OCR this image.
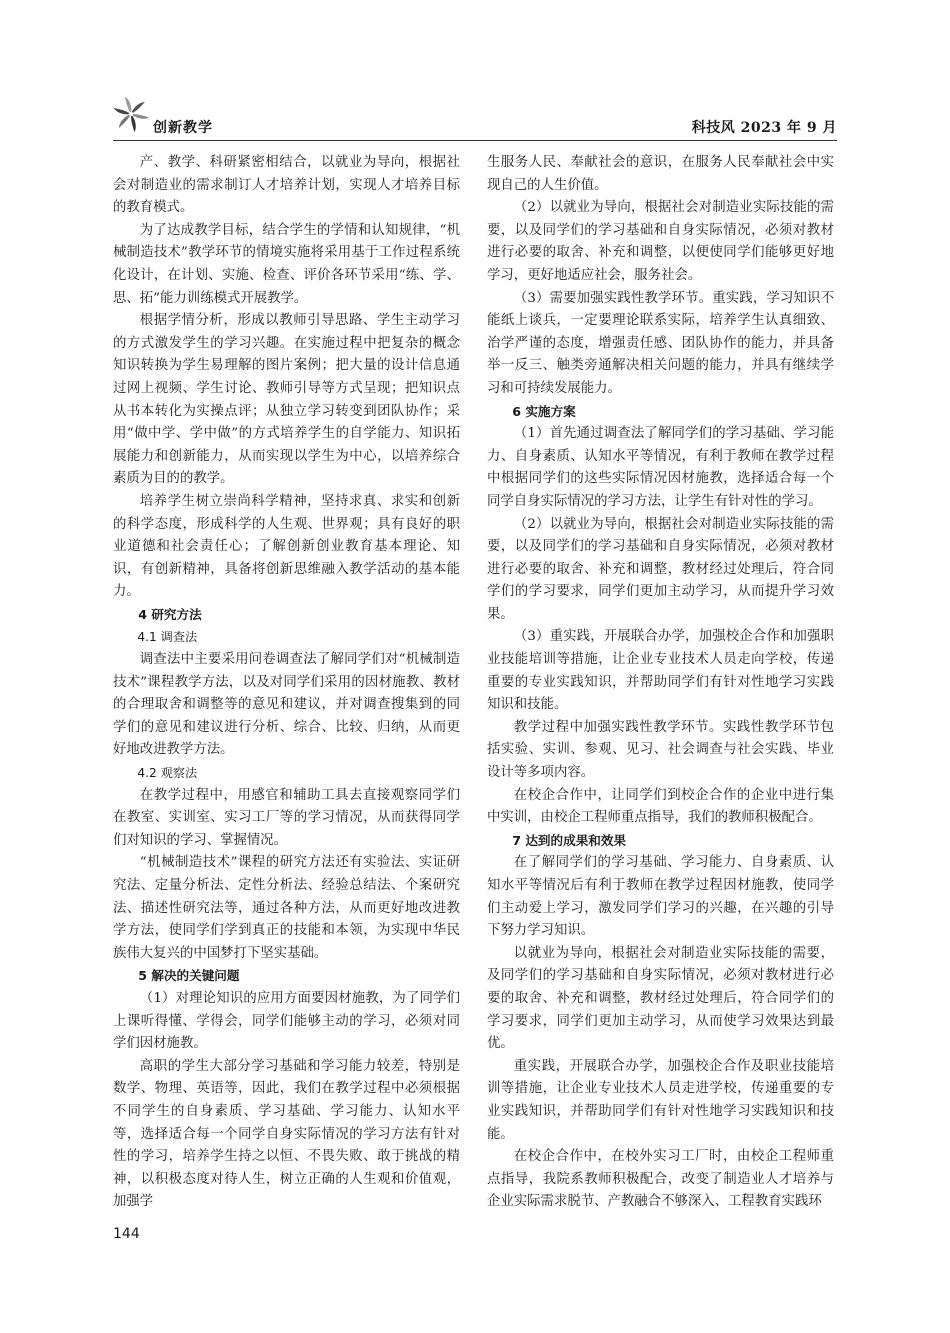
创新教学	科技风 2023 年 9 月

产、教学、科研紧密相结合，以就业为导向，根据社会对制造业的需求制订人才培养计划，实现人才培养目标的教育模式。

为了达成教学目标，结合学生的学情和认知规律，“机械制造技术”教学环节的情境实施将采用基于工作过程系统化设计，在计划、实施、检查、评价各环节采用“练、学、思、拓”能力训练模式开展教学。

根据学情分析，形成以教师引导思路、学生主动学习的方式激发学生的学习兴趣。在实施过程中把复杂的概念知识转换为学生易理解的图片案例；把大量的设计信息通过网上视频、学生讨论、教师引导等方式呈现；把知识点从书本转化为实操点评；从独立学习转变到团队协作；采用“做中学、学中做”的方式培养学生的自学能力、知识拓展能力和创新能力，从而实现以学生为中心，以培养综合素质为目的的教学。

培养学生树立崇尚科学精神，坚持求真、求实和创新的科学态度，形成科学的人生观、世界观；具有良好的职业道德和社会责任心；了解创新创业教育基本理论、知识，有创新精神，具备将创新思维融入教学活动的基本能力。

4 研究方法
4.1 调查法

调查法中主要采用问卷调查法了解同学们对“机械制造技术”课程教学方法，以及对同学们采用的因材施教、教材的合理取舍和调整等的意见和建议，并对调查搜集到的同学们的意见和建议进行分析、综合、比较、归纳，从而更好地改进教学方法。

4.2 观察法

在教学过程中，用感官和辅助工具去直接观察同学们在教室、实训室、实习工厂等的学习情况，从而获得同学们对知识的学习、掌握情况。

“机械制造技术”课程的研究方法还有实验法、实证研究法、定量分析法、定性分析法、经验总结法、个案研究法、描述性研究法等，通过各种方法，从而更好地改进教学方法，使同学们学到真正的技能和本领，为实现中华民族伟大复兴的中国梦打下坚实基础。

5 解决的关键问题

（1）对理论知识的应用方面要因材施教，为了同学们上课听得懂、学得会，同学们能够主动的学习，必须对同学们因材施教。

高职的学生大部分学习基础和学习能力较差，特别是数学、物理、英语等，因此，我们在教学过程中必须根据不同学生的自身素质、学习基础、学习能力、认知水平等，选择适合每一个同学自身实际情况的学习方法有针对性的学习，培养学生持之以恒、不畏失败、敢于挑战的精神，以积极态度对待人生，树立正确的人生观和价值观，加强学

生服务人民、奉献社会的意识，在服务人民奉献社会中实现自己的人生价值。

（2）以就业为导向，根据社会对制造业实际技能的需要，以及同学们的学习基础和自身实际情况，必须对教材进行必要的取舍、补充和调整，以便使同学们能够更好地学习，更好地适应社会，服务社会。

（3）需要加强实践性教学环节。重实践，学习知识不能纸上谈兵，一定要理论联系实际，培养学生认真细致、治学严谨的态度，增强责任感、团队协作的能力，并具备举一反三、触类旁通解决相关问题的能力，并具有继续学习和可持续发展能力。

6 实施方案

（1）首先通过调查法了解同学们的学习基础、学习能力、自身素质、认知水平等情况，有利于教师在教学过程中根据同学们的这些实际情况因材施教，选择适合每一个同学自身实际情况的学习方法，让学生有针对性的学习。

（2）以就业为导向，根据社会对制造业实际技能的需要，以及同学们的学习基础和自身实际情况，必须对教材进行必要的取舍、补充和调整，教材经过处理后，符合同学们的学习要求，同学们更加主动学习，从而提升学习效果。

（3）重实践，开展联合办学，加强校企合作和加强职业技能培训等措施，让企业专业技术人员走向学校，传递重要的专业实践知识，并帮助同学们有针对性地学习实践知识和技能。

教学过程中加强实践性教学环节。实践性教学环节包括实验、实训、参观、见习、社会调查与社会实践、毕业设计等多项内容。

在校企合作中，让同学们到校企合作的企业中进行集中实训，由校企工程师重点指导，我们的教师积极配合。

7 达到的成果和效果

在了解同学们的学习基础、学习能力、自身素质、认知水平等情况后有利于教师在教学过程因材施教，使同学们主动爱上学习，激发同学们学习的兴趣，在兴趣的引导下努力学习知识。

以就业为导向，根据社会对制造业实际技能的需要，及同学们的学习基础和自身实际情况，必须对教材进行必要的取舍、补充和调整，教材经过处理后，符合同学们的学习要求，同学们更加主动学习，从而使学习效果达到最优。

重实践，开展联合办学，加强校企合作及职业技能培训等措施，让企业专业技术人员走进学校，传递重要的专业实践知识，并帮助同学们有针对性地学习实践知识和技能。

在校企合作中，在校外实习工厂时，由校企工程师重点指导，我院系教师积极配合，改变了制造业人才培养与企业实际需求脱节、产教融合不够深入、工程教育实践环

144
